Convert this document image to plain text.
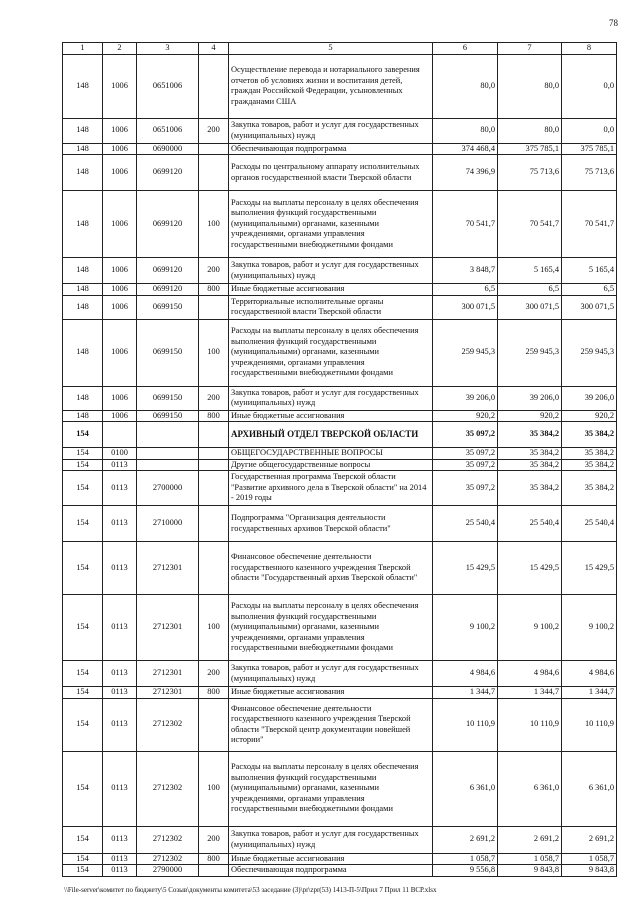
78
1	2	3	4	5	6	7	8
148	1006	0651006		Осуществление перевода и нотариального заверения отчетов об условиях жизни и воспитания детей, граждан Российской Федерации, усыновленных гражданами США	80,0	80,0	0,0
148	1006	0651006	200	Закупка товаров, работ и услуг для государственных (муниципальных) нужд	80,0	80,0	0,0
148	1006	0690000		Обеспечивающая подпрограмма	374 468,4	375 785,1	375 785,1
148	1006	0699120		Расходы по центральному аппарату исполнительных органов государственной власти Тверской области	74 396,9	75 713,6	75 713,6
148	1006	0699120	100	Расходы на выплаты персоналу в целях обеспечения выполнения функций государственными (муниципальными) органами, казенными учреждениями, органами управления государственными внебюджетными фондами	70 541,7	70 541,7	70 541,7
148	1006	0699120	200	Закупка товаров, работ и услуг для государственных (муниципальных) нужд	3 848,7	5 165,4	5 165,4
148	1006	0699120	800	Иные бюджетные ассигнования	6,5	6,5	6,5
148	1006	0699150		Территориальные исполнительные органы государственной власти Тверской области	300 071,5	300 071,5	300 071,5
148	1006	0699150	100	Расходы на выплаты персоналу в целях обеспечения выполнения функций государственными (муниципальными) органами, казенными учреждениями, органами управления государственными внебюджетными фондами	259 945,3	259 945,3	259 945,3
148	1006	0699150	200	Закупка товаров, работ и услуг для государственных (муниципальных) нужд	39 206,0	39 206,0	39 206,0
148	1006	0699150	800	Иные бюджетные ассигнования	920,2	920,2	920,2
154				АРХИВНЫЙ ОТДЕЛ ТВЕРСКОЙ ОБЛАСТИ	35 097,2	35 384,2	35 384,2
154	0100			ОБЩЕГОСУДАРСТВЕННЫЕ ВОПРОСЫ	35 097,2	35 384,2	35 384,2
154	0113			Другие общегосударственные вопросы	35 097,2	35 384,2	35 384,2
154	0113	2700000		Государственная программа Тверской области "Развитие архивного дела в Тверской области" на 2014 - 2019 годы	35 097,2	35 384,2	35 384,2
154	0113	2710000		Подпрограмма "Организация деятельности государственных архивов Тверской области"	25 540,4	25 540,4	25 540,4
154	0113	2712301		Финансовое обеспечение деятельности государственного казенного учреждения Тверской области "Государственный архив Тверской области"	15 429,5	15 429,5	15 429,5
154	0113	2712301	100	Расходы на выплаты персоналу в целях обеспечения выполнения функций государственными (муниципальными) органами, казенными учреждениями, органами управления государственными внебюджетными фондами	9 100,2	9 100,2	9 100,2
154	0113	2712301	200	Закупка товаров, работ и услуг для государственных (муниципальных) нужд	4 984,6	4 984,6	4 984,6
154	0113	2712301	800	Иные бюджетные ассигнования	1 344,7	1 344,7	1 344,7
154	0113	2712302		Финансовое обеспечение деятельности государственного казенного учреждения Тверской области "Тверской центр документации новейшей истории"	10 110,9	10 110,9	10 110,9
154	0113	2712302	100	Расходы на выплаты персоналу в целях обеспечения выполнения функций государственными (муниципальными) органами, казенными учреждениями, органами управления государственными внебюджетными фондами	6 361,0	6 361,0	6 361,0
154	0113	2712302	200	Закупка товаров, работ и услуг для государственных (муниципальных) нужд	2 691,2	2 691,2	2 691,2
154	0113	2712302	800	Иные бюджетные ассигнования	1 058,7	1 058,7	1 058,7
154	0113	2790000		Обеспечивающая подпрограмма	9 556,8	9 843,8	9 843,8
\\File-server\комитет по бюджету\5 Созыв\документы комитета\53 заседание (3)\pr\zpr(53) 1413-П-5\Прил 7 Прил 11 ВСР.xlsx
